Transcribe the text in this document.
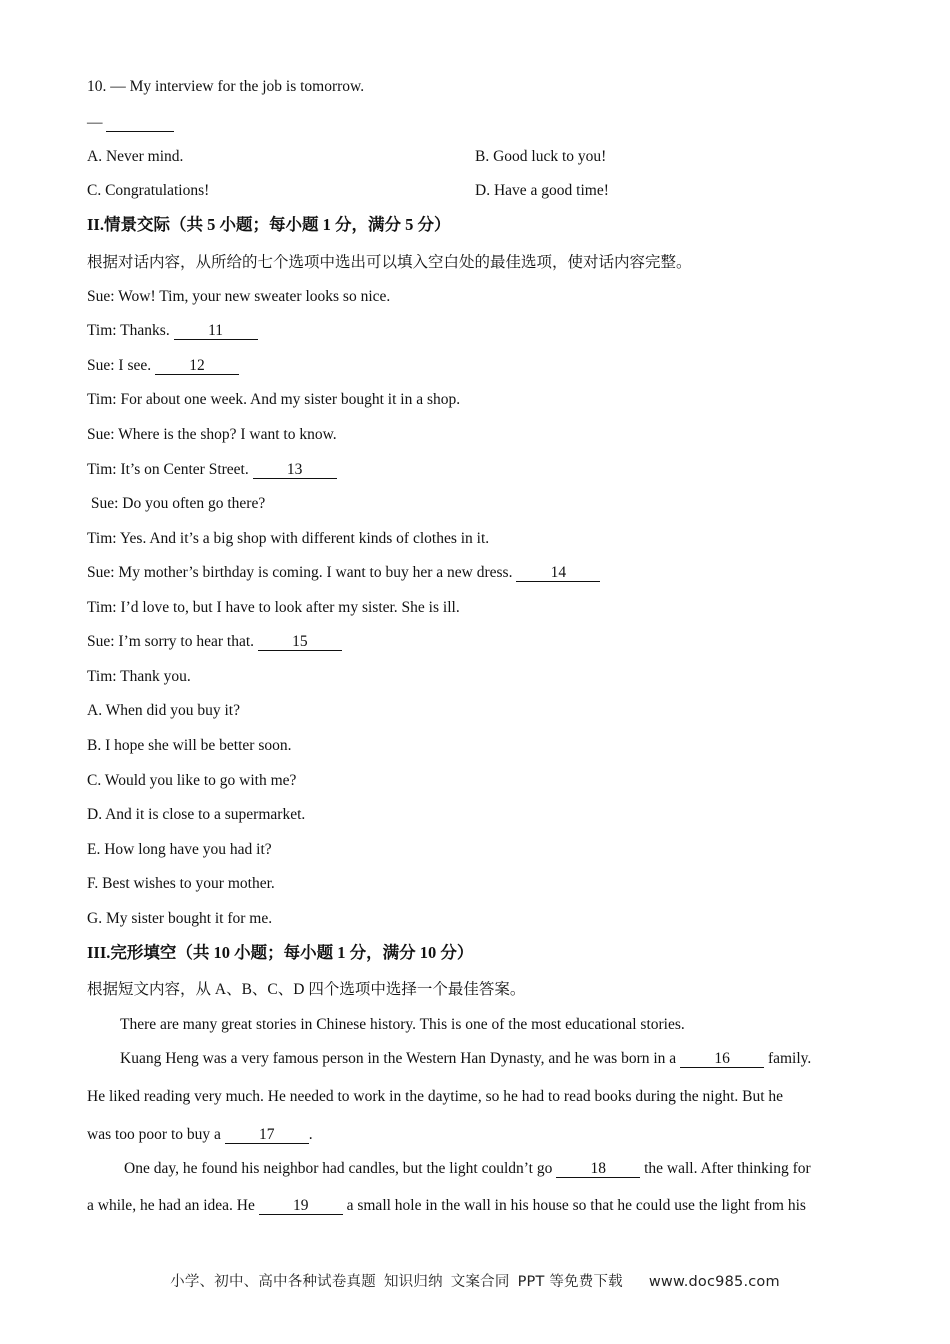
10. — My interview for the job is tomorrow.
—
A. Never mind.	B. Good luck to you!
C. Congratulations!	D. Have a good time!
II.情景交际（共 5 小题；每小题 1 分，满分 5 分）
根据对话内容，从所给的七个选项中选出可以填入空白处的最佳选项，使对话内容完整。
Sue: Wow! Tim, your new sweater looks so nice.
Tim: Thanks. 11
Sue: I see. 12
Tim: For about one week. And my sister bought it in a shop.
Sue: Where is the shop? I want to know.
Tim: It’s on Center Street. 13
Sue: Do you often go there?
Tim: Yes. And it’s a big shop with different kinds of clothes in it.
Sue: My mother’s birthday is coming. I want to buy her a new dress. 14
Tim: I’d love to, but I have to look after my sister. She is ill.
Sue: I’m sorry to hear that. 15
Tim: Thank you.
A. When did you buy it?
B. I hope she will be better soon.
C. Would you like to go with me?
D. And it is close to a supermarket.
E. How long have you had it?
F. Best wishes to your mother.
G. My sister bought it for me.
III.完形填空（共 10 小题；每小题 1 分，满分 10 分）
根据短文内容，从 A、B、C、D 四个选项中选择一个最佳答案。
There are many great stories in Chinese history. This is one of the most educational stories.
Kuang Heng was a very famous person in the Western Han Dynasty, and he was born in a 16 family.
He liked reading very much. He needed to work in the daytime, so he had to read books during the night. But he
was too poor to buy a 17 .
One day, he found his neighbor had candles, but the light couldn’t go 18 the wall. After thinking for
a while, he had an idea. He 19 a small hole in the wall in his house so that he could use the light from his
小学、初中、高中各种试卷真题 知识归纳 文案合同 PPT 等免费下载 www.doc985.com
